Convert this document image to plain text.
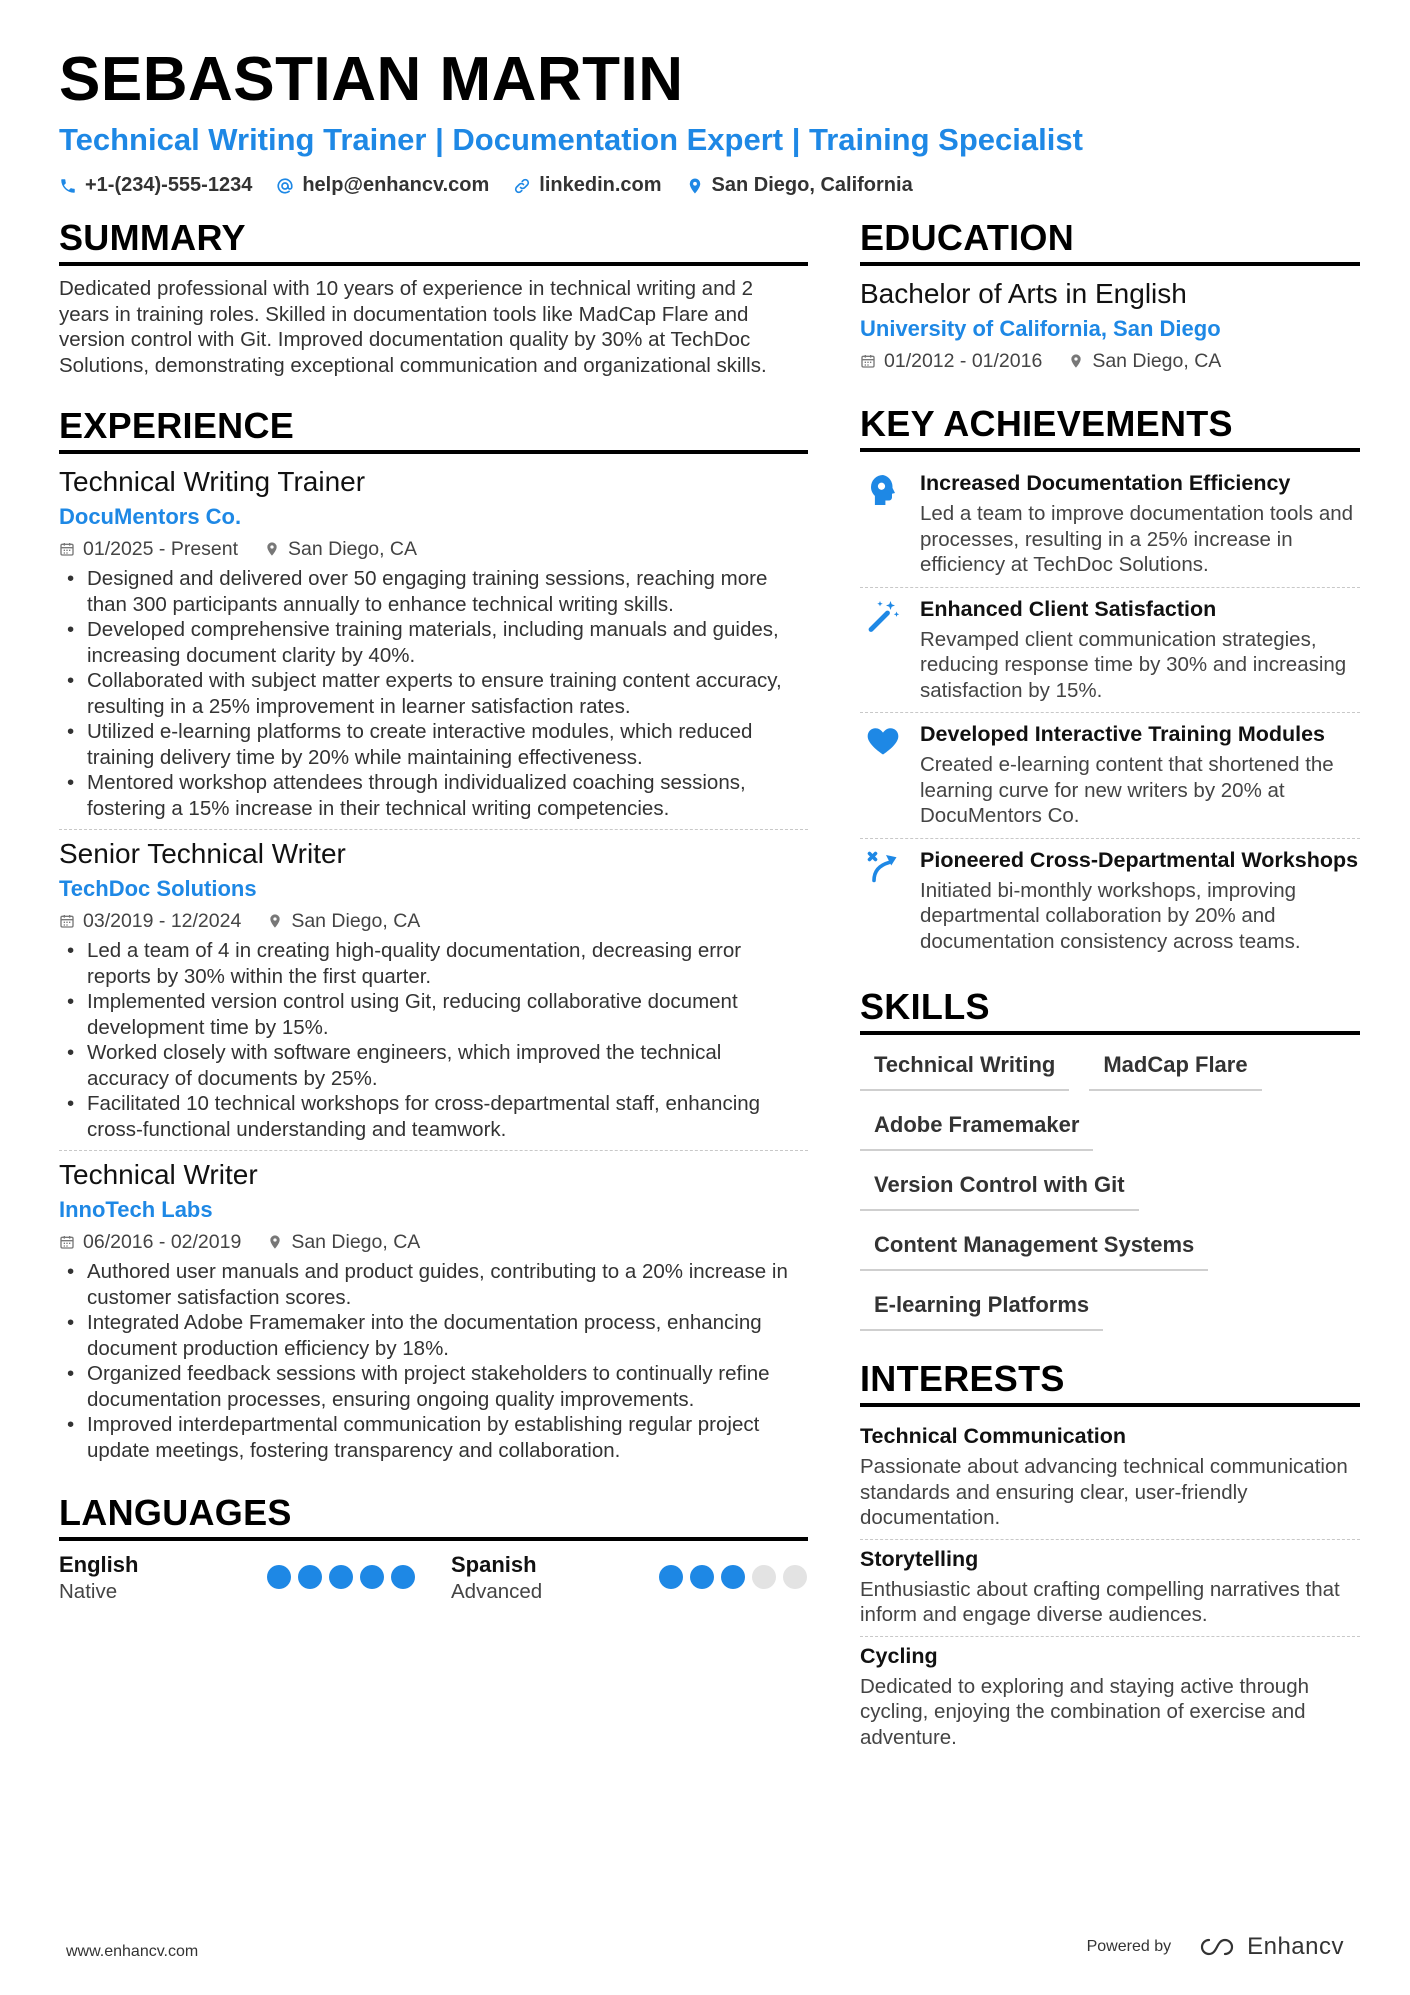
SEBASTIAN MARTIN
Technical Writing Trainer | Documentation Expert | Training Specialist
+1-(234)-555-1234	help@enhancv.com	linkedin.com	San Diego, California
SUMMARY

Dedicated professional with 10 years of experience in technical writing and 2 years in training roles. Skilled in documentation tools like MadCap Flare and version control with Git. Improved documentation quality by 30% at TechDoc Solutions, demonstrating exceptional communication and organizational skills.

EXPERIENCE
Technical Writing Trainer
DocuMentors Co.
01/2025 - Present	San Diego, CA
• Designed and delivered over 50 engaging training sessions, reaching more than 300 participants annually to enhance technical writing skills.
• Developed comprehensive training materials, including manuals and guides, increasing document clarity by 40%.
• Collaborated with subject matter experts to ensure training content accuracy, resulting in a 25% improvement in learner satisfaction rates.
• Utilized e-learning platforms to create interactive modules, which reduced training delivery time by 20% while maintaining effectiveness.
• Mentored workshop attendees through individualized coaching sessions, fostering a 15% increase in their technical writing competencies.
Senior Technical Writer
TechDoc Solutions
03/2019 - 12/2024	San Diego, CA
• Led a team of 4 in creating high-quality documentation, decreasing error reports by 30% within the first quarter.
• Implemented version control using Git, reducing collaborative document development time by 15%.
• Worked closely with software engineers, which improved the technical accuracy of documents by 25%.
• Facilitated 10 technical workshops for cross-departmental staff, enhancing cross-functional understanding and teamwork.
Technical Writer
InnoTech Labs
06/2016 - 02/2019	San Diego, CA
• Authored user manuals and product guides, contributing to a 20% increase in customer satisfaction scores.
• Integrated Adobe Framemaker into the documentation process, enhancing document production efficiency by 18%.
• Organized feedback sessions with project stakeholders to continually refine documentation processes, ensuring ongoing quality improvements.
• Improved interdepartmental communication by establishing regular project update meetings, fostering transparency and collaboration.
LANGUAGES
English
Native
Spanish
Advanced
EDUCATION
Bachelor of Arts in English
University of California, San Diego
01/2012 - 01/2016	San Diego, CA
KEY ACHIEVEMENTS
Increased Documentation Efficiency
Led a team to improve documentation tools and processes, resulting in a 25% increase in efficiency at TechDoc Solutions.
Enhanced Client Satisfaction
Revamped client communication strategies, reducing response time by 30% and increasing satisfaction by 15%.
Developed Interactive Training Modules
Created e-learning content that shortened the learning curve for new writers by 20% at DocuMentors Co.
Pioneered Cross-Departmental Workshops
Initiated bi-monthly workshops, improving departmental collaboration by 20% and documentation consistency across teams.
SKILLS
Technical Writing	MadCap Flare
Adobe Framemaker
Version Control with Git
Content Management Systems
E-learning Platforms
INTERESTS
Technical Communication
Passionate about advancing technical communication standards and ensuring clear, user-friendly documentation.
Storytelling
Enthusiastic about crafting compelling narratives that inform and engage diverse audiences.
Cycling
Dedicated to exploring and staying active through cycling, enjoying the combination of exercise and adventure.
www.enhancv.com	Powered by	Enhancv
